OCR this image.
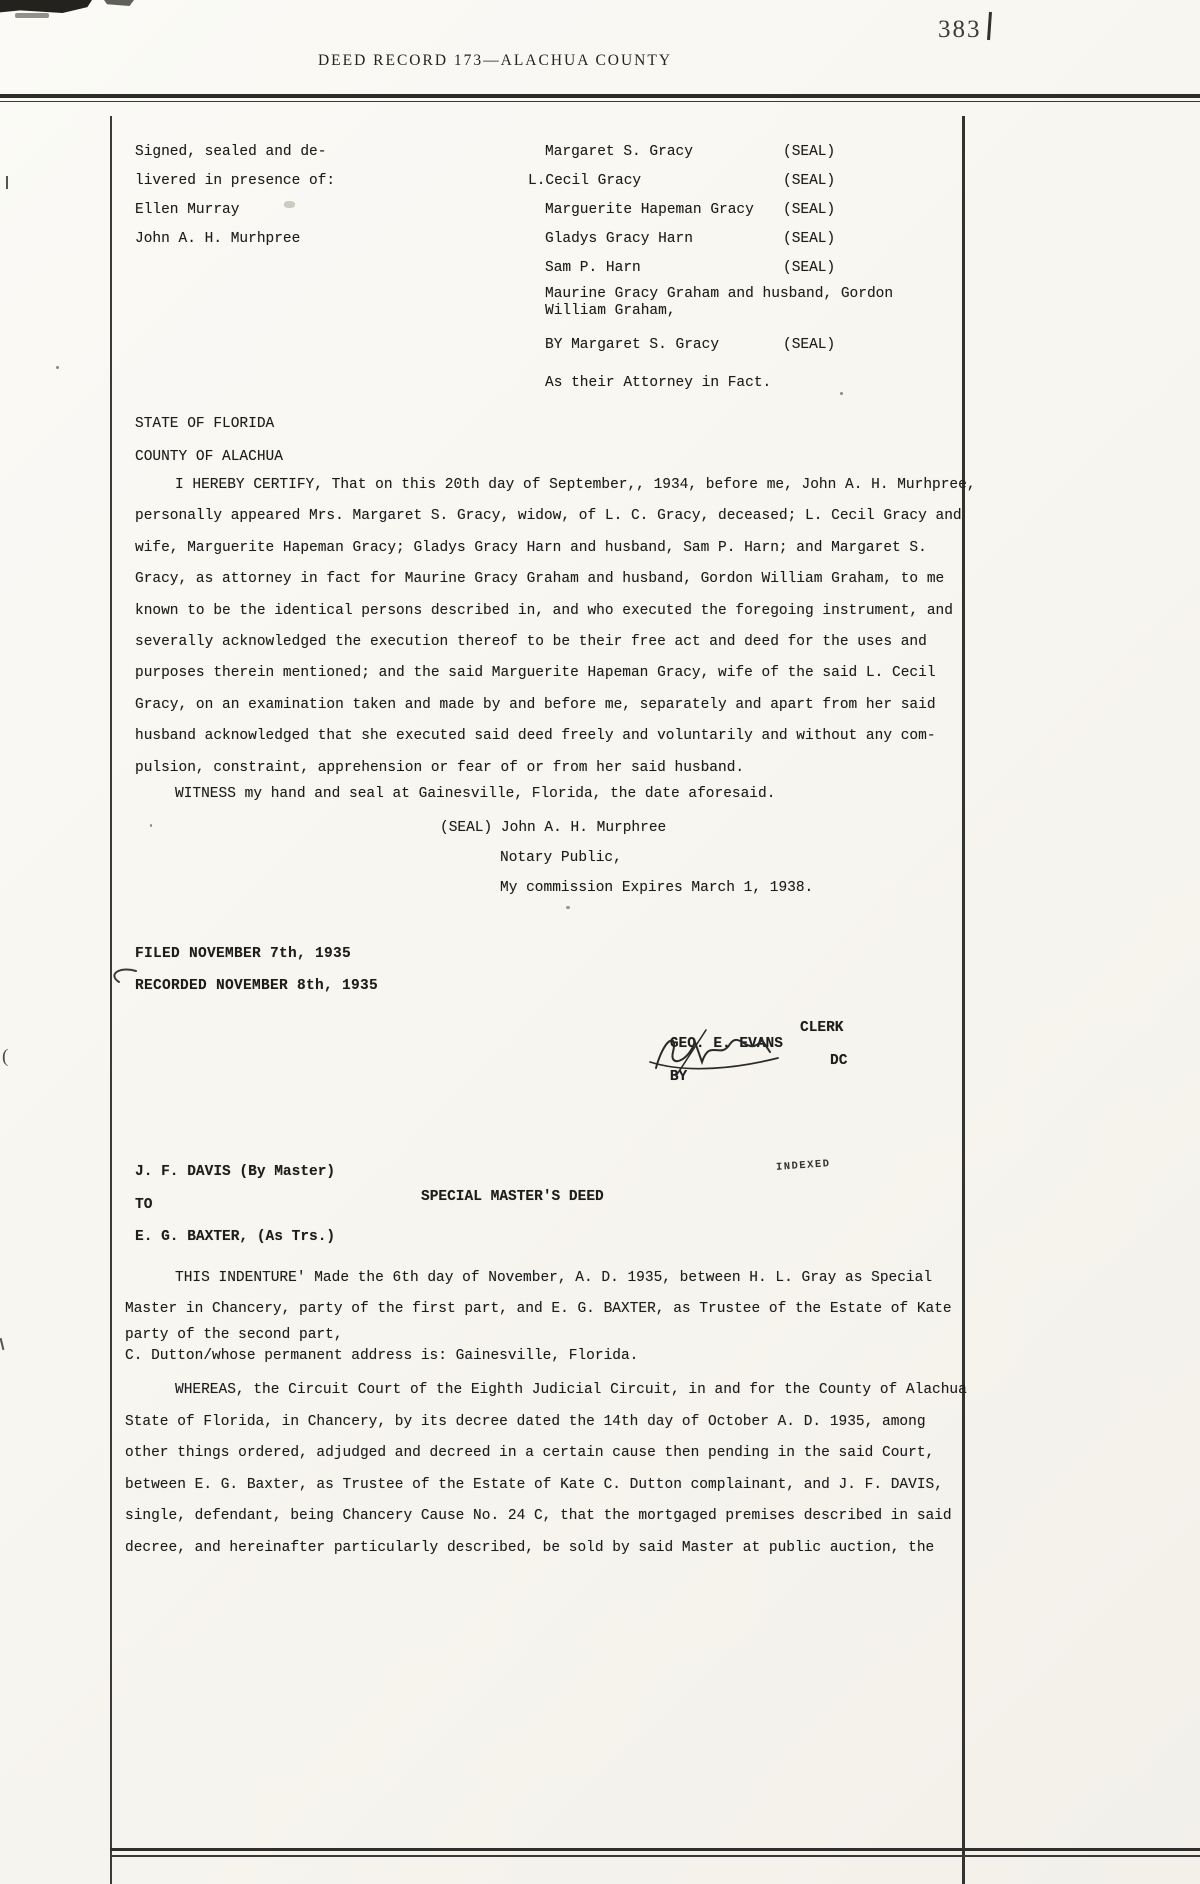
(
383
DEED RECORD 173—ALACHUA COUNTY
Signed, sealed and de-
livered in presence of:
Ellen Murray
John A. H. Murhpree
Margaret S. Gracy	(SEAL)
L.Cecil Gracy	(SEAL)
Marguerite Hapeman Gracy	(SEAL)
Gladys Gracy Harn	(SEAL)
Sam P. Harn	(SEAL)
Maurine Gracy Graham and husband, Gordon
William Graham,
BY Margaret S. Gracy	(SEAL)
As their Attorney in Fact.
STATE OF FLORIDA
COUNTY OF ALACHUA
I HEREBY CERTIFY, That on this 20th day of September,, 1934, before me, John A. H. Murhpree,
personally appeared Mrs. Margaret S. Gracy, widow, of L. C. Gracy, deceased; L. Cecil Gracy and
wife, Marguerite Hapeman Gracy; Gladys Gracy Harn and husband, Sam P. Harn; and Margaret S.
Gracy, as attorney in fact for Maurine Gracy Graham and husband, Gordon William Graham, to me
known to be the identical persons described in, and who executed the foregoing instrument, and
severally acknowledged the execution thereof to be their free act and deed for the uses and
purposes therein mentioned; and the said Marguerite Hapeman Gracy, wife of the said L. Cecil
Gracy, on an examination taken and made by and before me, separately and apart from her said
husband acknowledged that she executed said deed freely and voluntarily and without any com-
pulsion, constraint, apprehension or fear of or from her said husband.
WITNESS my hand and seal at Gainesville, Florida, the date aforesaid.
(SEAL) John A. H. Murphree
Notary Public,
My commission Expires March 1, 1938.
FILED NOVEMBER 7th, 1935
RECORDED NOVEMBER 8th, 1935

GEO. E. EVANS

CLERK

BY

DC

J. F. DAVIS (By Master)
TO
E. G. BAXTER, (As Trs.)
SPECIAL MASTER'S DEED
INDEXED
THIS INDENTURE' Made the 6th day of November, A. D. 1935, between H. L. Gray as Special
Master in Chancery, party of the first part, and E. G. BAXTER, as Trustee of the Estate of Kate
party of the second part,
C. Dutton/whose permanent address is: Gainesville, Florida.
WHEREAS, the Circuit Court of the Eighth Judicial Circuit, in and for the County of Alachua
State of Florida, in Chancery, by its decree dated the 14th day of October A. D. 1935, among
other things ordered, adjudged and decreed in a certain cause then pending in the said Court,
between E. G. Baxter, as Trustee of the Estate of Kate C. Dutton complainant, and J. F. DAVIS,
single, defendant, being Chancery Cause No. 24 C, that the mortgaged premises described in said
decree, and hereinafter particularly described, be sold by said Master at public auction, the
